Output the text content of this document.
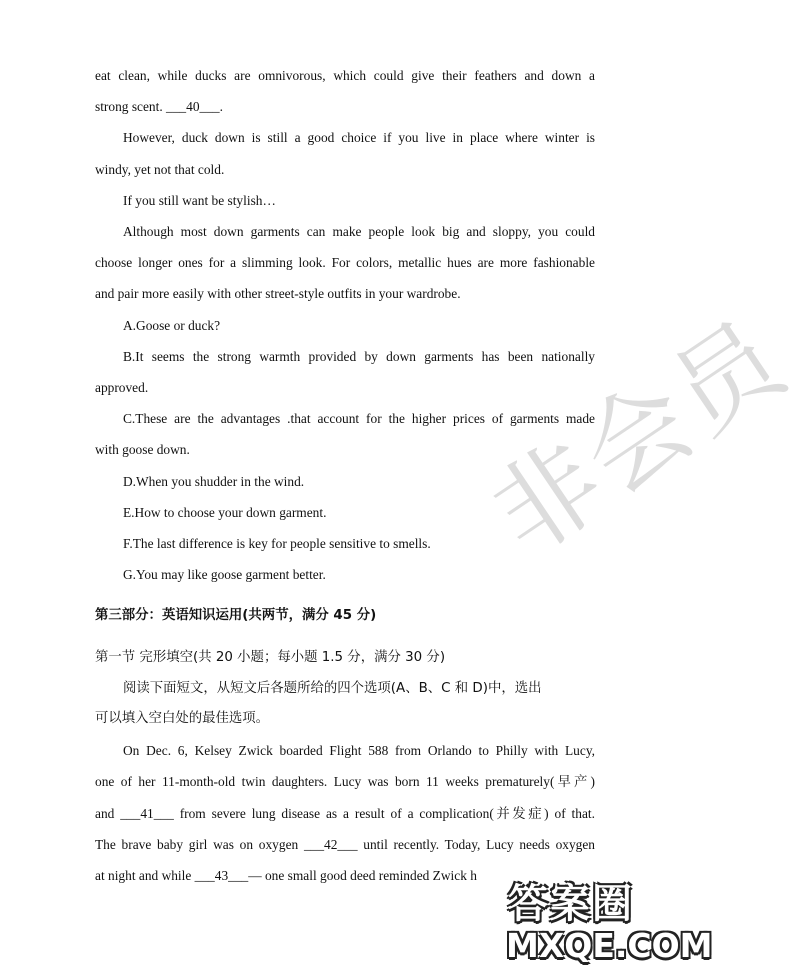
非会员
eat clean, while ducks are omnivorous, which could give their feathers and down a
strong scent. ___40___.
However, duck down is still a good choice if you live in place where winter is
windy, yet not that cold.
If you still want be stylish…
Although most down garments can make people look big and sloppy, you could
choose longer ones for a slimming look. For colors, metallic hues are more fashionable
and pair more easily with other street-style outfits in your wardrobe.
A.Goose or duck?
B.It seems the strong warmth provided by down garments has been nationally
approved.
C.These are the advantages .that account for the higher prices of garments made
with goose down.
D.When you shudder in the wind.
E.How to choose your down garment.
F.The last difference is key for people sensitive to smells.
G.You may like goose garment better.
第三部分：英语知识运用(共两节，满分 45 分)
第一节 完形填空(共 20 小题；每小题 1.5 分，满分 30 分)
阅读下面短文，从短文后各题所给的四个选项(A、B、C 和 D)中，选出
可以填入空白处的最佳选项。
On Dec. 6, Kelsey Zwick boarded Flight 588 from Orlando to Philly with Lucy,
one of her 11-month-old twin daughters. Lucy was born 11 weeks prematurely(早产)
and ___41___ from severe lung disease as a result of a complication(并发症) of that.
The brave baby girl was on oxygen ___42___ until recently. Today, Lucy needs oxygen
at night and while ___43___— one small good deed reminded Zwick h
答案圈
MXQE.COM
